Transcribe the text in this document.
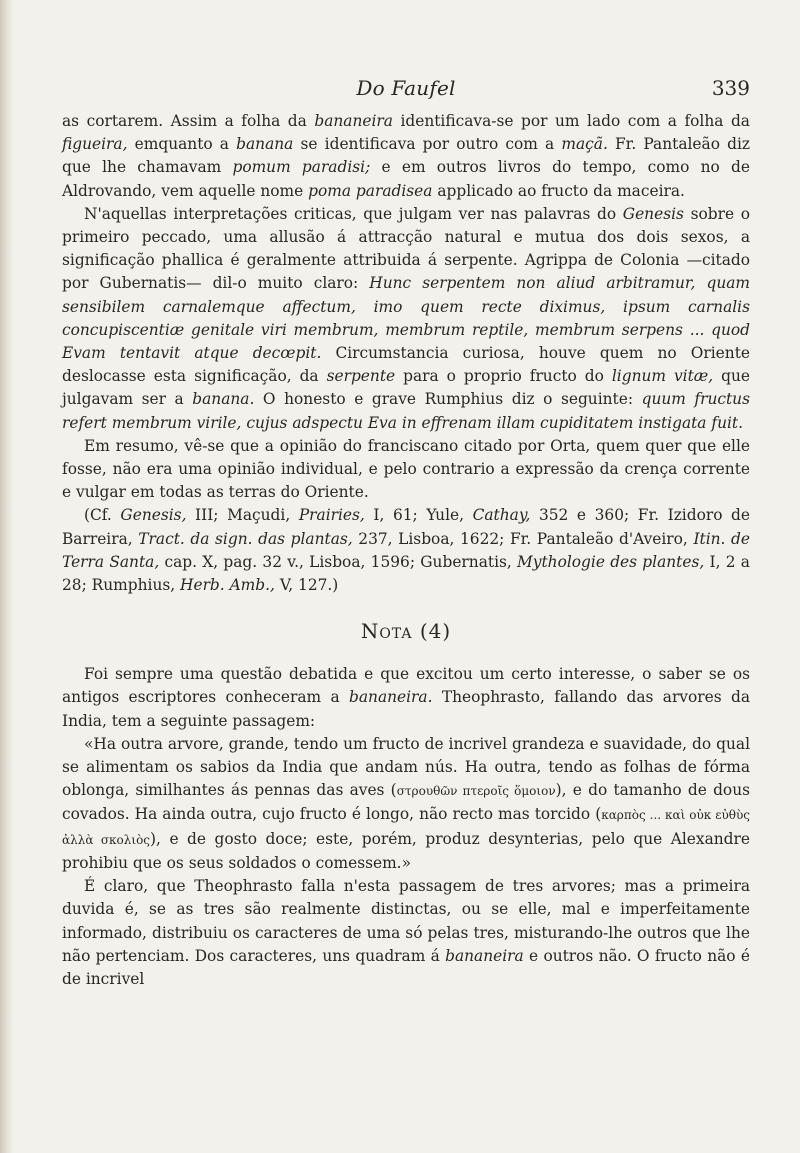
Do Faufel	339

as cortarem. Assim a folha da bananeira identificava-se por um lado com a folha da figueira, emquanto a banana se identificava por outro com a maçã. Fr. Pantaleão diz que lhe chamavam pomum paradisi; e em outros livros do tempo, como no de Aldrovando, vem aquelle nome poma paradisea applicado ao fructo da maceira.

N'aquellas interpretações criticas, que julgam ver nas palavras do Genesis sobre o primeiro peccado, uma allusão á attracção natural e mutua dos dois sexos, a significação phallica é geralmente attribuida á serpente. Agrippa de Colonia —citado por Gubernatis— dil-o muito claro: Hunc serpentem non aliud arbitramur, quam sensibilem carnalemque affectum, imo quem recte diximus, ipsum carnalis concupiscentiæ genitale viri membrum, membrum reptile, membrum serpens ... quod Evam tentavit atque decœpit. Circumstancia curiosa, houve quem no Oriente deslocasse esta significação, da serpente para o proprio fructo do lignum vitæ, que julgavam ser a banana. O honesto e grave Rumphius diz o seguinte: quum fructus refert membrum virile, cujus adspectu Eva in effrenam illam cupiditatem instigata fuit.

Em resumo, vê-se que a opinião do franciscano citado por Orta, quem quer que elle fosse, não era uma opinião individual, e pelo contrario a expressão da crença corrente e vulgar em todas as terras do Oriente.

(Cf. Genesis, III; Maçudi, Prairies, I, 61; Yule, Cathay, 352 e 360; Fr. Izidoro de Barreira, Tract. da sign. das plantas, 237, Lisboa, 1622; Fr. Pantaleão d'Aveiro, Itin. de Terra Santa, cap. X, pag. 32 v., Lisboa, 1596; Gubernatis, Mythologie des plantes, I, 2 a 28; Rumphius, Herb. Amb., V, 127.)

Nota (4)

Foi sempre uma questão debatida e que excitou um certo interesse, o saber se os antigos escriptores conheceram a bananeira. Theophrasto, fallando das arvores da India, tem a seguinte passagem:

«Ha outra arvore, grande, tendo um fructo de incrivel grandeza e suavidade, do qual se alimentam os sabios da India que andam nús. Ha outra, tendo as folhas de fórma oblonga, similhantes ás pennas das aves (στρουθῶν πτεροῖς ὅμοιον), e do tamanho de dous covados. Ha ainda outra, cujo fructo é longo, não recto mas torcido (καρπὸς ... καὶ οὐκ εὐθὺς ἀλλὰ σκολιὸς), e de gosto doce; este, porém, produz desynterias, pelo que Alexandre prohibiu que os seus soldados o comessem.»

É claro, que Theophrasto falla n'esta passagem de tres arvores; mas a primeira duvida é, se as tres são realmente distinctas, ou se elle, mal e imperfeitamente informado, distribuiu os caracteres de uma só pelas tres, misturando-lhe outros que lhe não pertenciam. Dos caracteres, uns quadram á bananeira e outros não. O fructo não é de incrivel
